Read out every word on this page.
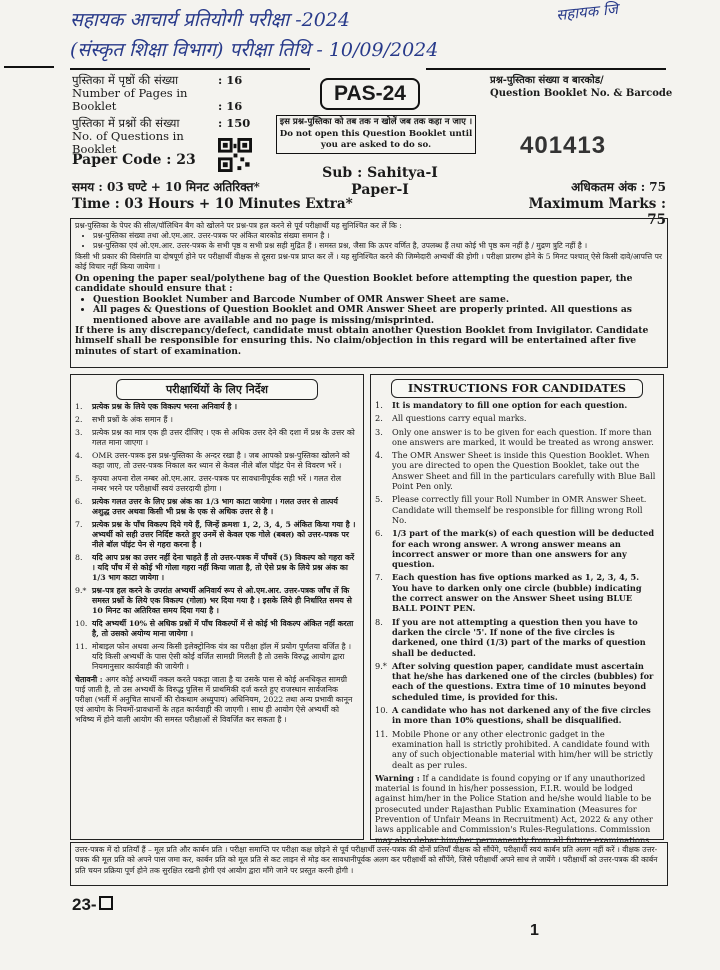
सहायक आचार्य प्रतियोगी परीक्षा -2024
(संस्कृत शिक्षा विभाग) परीक्षा तिथि - 10/09/2024
सहायक जि
पुस्तिका में पृष्ठों की संख्या	: 16
Number of Pages in Booklet	: 16
पुस्तिका में प्रश्नों की संख्या	: 150
No. of Questions in Booklet
PAS-24
इस प्रश्न-पुस्तिका को तब तक न खोलें जब तक कहा न जाए । Do not open this Question Booklet until you are asked to do so.
प्रश्न-पुस्तिका संख्या व बारकोड/
Question Booklet No. & Barcode
401413
Paper Code : 23
Sub : Sahitya-I
Paper-I
समय : 03 घण्टे + 10 मिनट अतिरिक्त*
Time : 03 Hours + 10 Minutes Extra*
अधिकतम अंक : 75
Maximum Marks : 75
प्रश्न-पुस्तिका के पेपर की सील/पॉलिथिन बैग को खोलने पर प्रश्न-पत्र हल करने से पूर्व परीक्षार्थी यह सुनिश्चित कर लें कि :
• प्रश्न-पुस्तिका संख्या तथा ओ.एम.आर. उत्तर-पत्रक पर अंकित बारकोड संख्या समान है ।
• प्रश्न-पुस्तिका एवं ओ.एम.आर. उत्तर-पत्रक के सभी पृष्ठ व सभी प्रश्न सही मुद्रित हैं । समस्त प्रश्न, जैसा कि ऊपर वर्णित है, उपलब्ध हैं तथा कोई भी पृष्ठ कम नहीं है / मुद्रण त्रुटि नहीं है ।
किसी भी प्रकार की विसंगति या दोषपूर्ण होने पर परीक्षार्थी वीक्षक से दूसरा प्रश्न-पत्र प्राप्त कर लें । यह सुनिश्चित करने की जिम्मेदारी अभ्यर्थी की होगी । परीक्षा प्रारम्भ होने के 5 मिनट पश्चात् ऐसे किसी दावे/आपत्ति पर कोई विचार नहीं किया जायेगा ।
On opening the paper seal/polythene bag of the Question Booklet before attempting the question paper, the candidate should ensure that :
• Question Booklet Number and Barcode Number of OMR Answer Sheet are same.
• All pages & Questions of Question Booklet and OMR Answer Sheet are properly printed. All questions as mentioned above are available and no page is missing/misprinted.
If there is any discrepancy/defect, candidate must obtain another Question Booklet from Invigilator. Candidate himself shall be responsible for ensuring this. No claim/objection in this regard will be entertained after five minutes of start of examination.
परीक्षार्थियों के लिए निर्देश
1.	प्रत्येक प्रश्न के लिये एक विकल्प भरना अनिवार्य है ।
2.	सभी प्रश्नों के अंक समान हैं ।
3.	प्रत्येक प्रश्न का मात्र एक ही उत्तर दीजिए । एक से अधिक उत्तर देने की दशा में प्रश्न के उत्तर को गलत माना जाएगा ।
4.	OMR उत्तर-पत्रक इस प्रश्न-पुस्तिका के अन्दर रखा है । जब आपको प्रश्न-पुस्तिका खोलने को कहा जाए, तो उत्तर-पत्रक निकाल कर ध्यान से केवल नीले बॉल पॉइंट पेन से विवरण भरें ।
5.	कृपया अपना रोल नम्बर ओ.एम.आर. उत्तर-पत्रक पर सावधानीपूर्वक सही भरें । गलत रोल नम्बर भरने पर परीक्षार्थी स्वयं उत्तरदायी होगा ।
6.	प्रत्येक गलत उत्तर के लिए प्रश्न अंक का 1/3 भाग काटा जायेगा । गलत उत्तर से तात्पर्य अशुद्ध उत्तर अथवा किसी भी प्रश्न के एक से अधिक उत्तर से है ।
7.	प्रत्येक प्रश्न के पाँच विकल्प दिये गये हैं, जिन्हें क्रमशः 1, 2, 3, 4, 5 अंकित किया गया है । अभ्यर्थी को सही उत्तर निर्दिष्ट करते हुए उनमें से केवल एक गोले (बबल) को उत्तर-पत्रक पर नीले बॉल पॉइंट पेन से गहरा करना है ।
8.	यदि आप प्रश्न का उत्तर नहीं देना चाहते हैं तो उत्तर-पत्रक में पाँचवें (5) विकल्प को गहरा करें । यदि पाँच में से कोई भी गोला गहरा नहीं किया जाता है, तो ऐसे प्रश्न के लिये प्रश्न अंक का 1/3 भाग काटा जायेगा ।
9.* प्रश्न-पत्र हल करने के उपरांत अभ्यर्थी अनिवार्य रूप से ओ.एम.आर. उत्तर-पत्रक जाँच लें कि समस्त प्रश्नों के लिये एक विकल्प (गोला) भर दिया गया है । इसके लिये ही निर्धारित समय से 10 मिनट का अतिरिक्त समय दिया गया है ।
10. यदि अभ्यर्थी 10% से अधिक प्रश्नों में पाँच विकल्पों में से कोई भी विकल्प अंकित नहीं करता है, तो उसको अयोग्य माना जायेगा ।
11. मोबाइल फोन अथवा अन्य किसी इलेक्ट्रोनिक यंत्र का परीक्षा हॉल में प्रयोग पूर्णतया वर्जित है । यदि किसी अभ्यर्थी के पास ऐसी कोई वर्जित सामग्री मिलती है तो उसके विरुद्ध आयोग द्वारा नियमानुसार कार्यवाही की जायेगी ।
चेतावनी : अगर कोई अभ्यर्थी नकल करते पकड़ा जाता है या उसके पास से कोई अनधिकृत सामग्री पाई जाती है, तो उस अभ्यर्थी के विरुद्ध पुलिस में प्राथमिकी दर्ज करते हुए राजस्थान सार्वजनिक परीक्षा (भर्ती में अनुचित साधनों की रोकथाम अध्युपाय) अधिनियम, 2022 तथा अन्य प्रभावी कानून एवं आयोग के नियमों-प्रावधानों के तहत कार्यवाही की जाएगी । साथ ही आयोग ऐसे अभ्यर्थी को भविष्य में होने वाली आयोग की समस्त परीक्षाओं से विवर्जित कर सकता है ।
INSTRUCTIONS FOR CANDIDATES
1.	It is mandatory to fill one option for each question.
2.	All questions carry equal marks.
3.	Only one answer is to be given for each question. If more than one answers are marked, it would be treated as wrong answer.
4.	The OMR Answer Sheet is inside this Question Booklet. When you are directed to open the Question Booklet, take out the Answer Sheet and fill in the particulars carefully with Blue Ball Point Pen only.
5.	Please correctly fill your Roll Number in OMR Answer Sheet. Candidate will themself be responsible for filling wrong Roll No.
6.	1/3 part of the mark(s) of each question will be deducted for each wrong answer. A wrong answer means an incorrect answer or more than one answers for any question.
7.	Each question has five options marked as 1, 2, 3, 4, 5. You have to darken only one circle (bubble) indicating the correct answer on the Answer Sheet using BLUE BALL POINT PEN.
8.	If you are not attempting a question then you have to darken the circle '5'. If none of the five circles is darkened, one third (1/3) part of the marks of question shall be deducted.
9.* After solving question paper, candidate must ascertain that he/she has darkened one of the circles (bubbles) for each of the questions. Extra time of 10 minutes beyond scheduled time, is provided for this.
10. A candidate who has not darkened any of the five circles in more than 10% questions, shall be disqualified.
11. Mobile Phone or any other electronic gadget in the examination hall is strictly prohibited. A candidate found with any of such objectionable material with him/her will be strictly dealt as per rules.
Warning : If a candidate is found copying or if any unauthorized material is found in his/her possession, F.I.R. would be lodged against him/her in the Police Station and he/she would liable to be prosecuted under Rajasthan Public Examination (Measures for Prevention of Unfair Means in Recruitment) Act, 2022 & any other laws applicable and Commission's Rules-Regulations. Commission may also debar him/her permanently from all future examinations.
उत्तर-पत्रक में दो प्रतियाँ हैं – मूल प्रति और कार्बन प्रति । परीक्षा समाप्ति पर परीक्षा कक्ष छोड़ने से पूर्व परीक्षार्थी उत्तर-पत्रक की दोनों प्रतियाँ वीक्षक को सौंपेंगे, परीक्षार्थी स्वयं कार्बन प्रति अलग नहीं करें । वीक्षक उत्तर-पत्रक की मूल प्रति को अपने पास जमा कर, कार्बन प्रति को मूल प्रति से कट लाइन से मोड़ कर सावधानीपूर्वक अलग कर परीक्षार्थी को सौंपेंगे, जिसे परीक्षार्थी अपने साथ ले जायेंगे । परीक्षार्थी को उत्तर-पत्रक की कार्बन प्रति चयन प्रक्रिया पूर्ण होने तक सुरक्षित रखनी होगी एवं आयोग द्वारा माँगे जाने पर प्रस्तुत करनी होगी ।
23-
1
